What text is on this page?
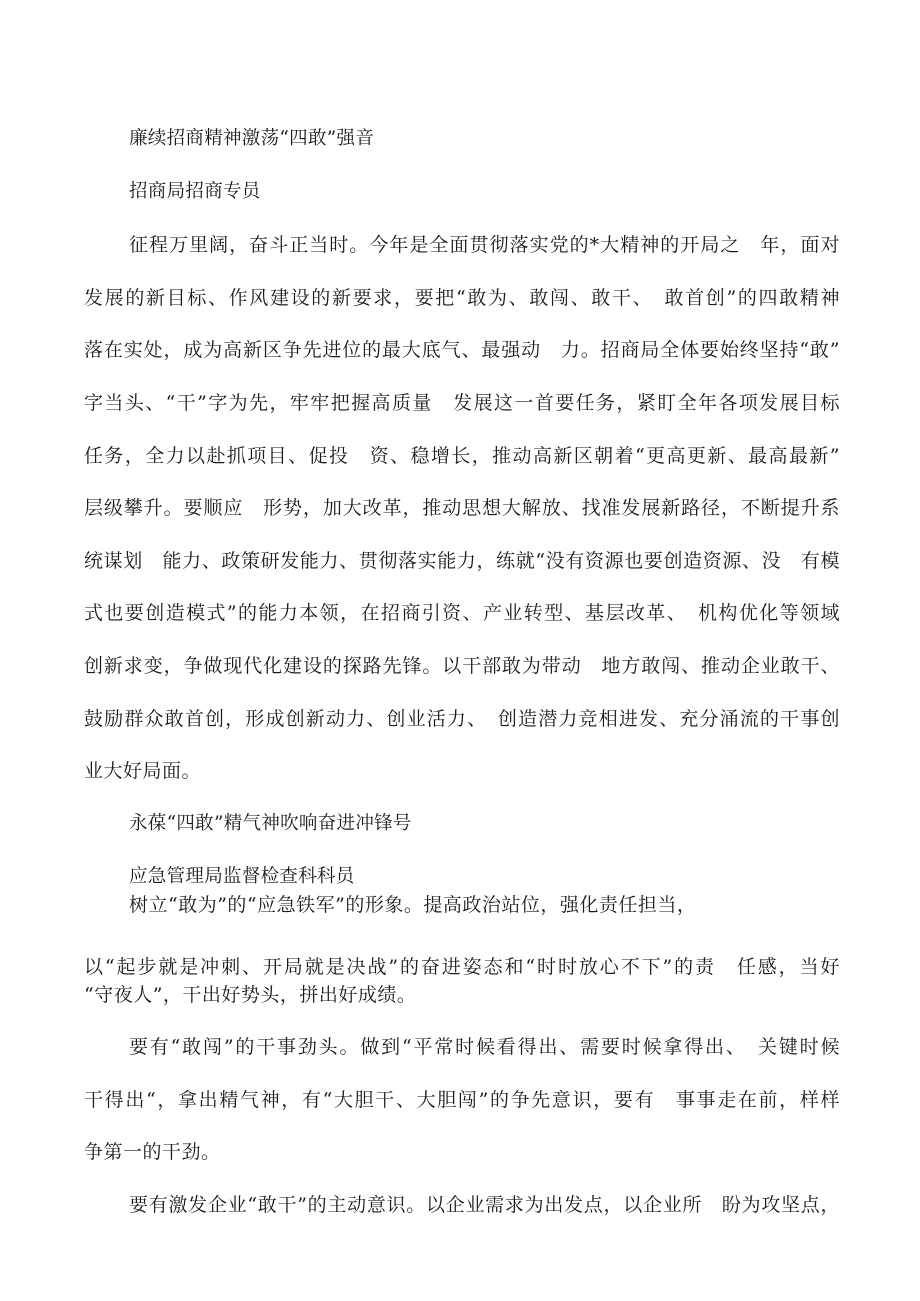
廉续招商精神激荡“四敢”强音
招商局招商专员
征程万里阔，奋斗正当时。今年是全面贯彻落实党的*大精神的开局之　年，面对
发展的新目标、作风建设的新要求，要把“敢为、敢闯、敢干、　敢首创”的四敢精神
落在实处，成为高新区争先进位的最大底气、最强动　力。招商局全体要始终坚持“敢”
字当头、“干”字为先，牢牢把握高质量　发展这一首要任务，紧盯全年各项发展目标
任务，全力以赴抓项目、促投　资、稳增长，推动高新区朝着“更高更新、最高最新”
层级攀升。要顺应　形势，加大改革，推动思想大解放、找准发展新路径，不断提升系
统谋划　能力、政策研发能力、贯彻落实能力，练就“没有资源也要创造资源、没　有模
式也要创造模式”的能力本领，在招商引资、产业转型、基层改革、　机构优化等领域
创新求变，争做现代化建设的探路先锋。以干部敢为带动　地方敢闯、推动企业敢干、
鼓励群众敢首创，形成创新动力、创业活力、　创造潜力竞相进发、充分涌流的干事创
业大好局面。
永葆“四敢”精气神吹响奋进冲锋号
应急管理局监督检查科科员
树立“敢为”的“应急铁军”的形象。提高政治站位，强化责任担当，
以“起步就是冲刺、开局就是决战”的奋进姿态和“时时放心不下”的责　任感，当好
“守夜人”，干出好势头，拼出好成绩。
要有“敢闯”的干事劲头。做到“平常时候看得出、需要时候拿得出、　关键时候
干得出“，拿出精气神，有“大胆干、大胆闯”的争先意识，要有　事事走在前，样样
争第一的干劲。
要有激发企业“敢干”的主动意识。以企业需求为出发点，以企业所　盼为攻坚点，
